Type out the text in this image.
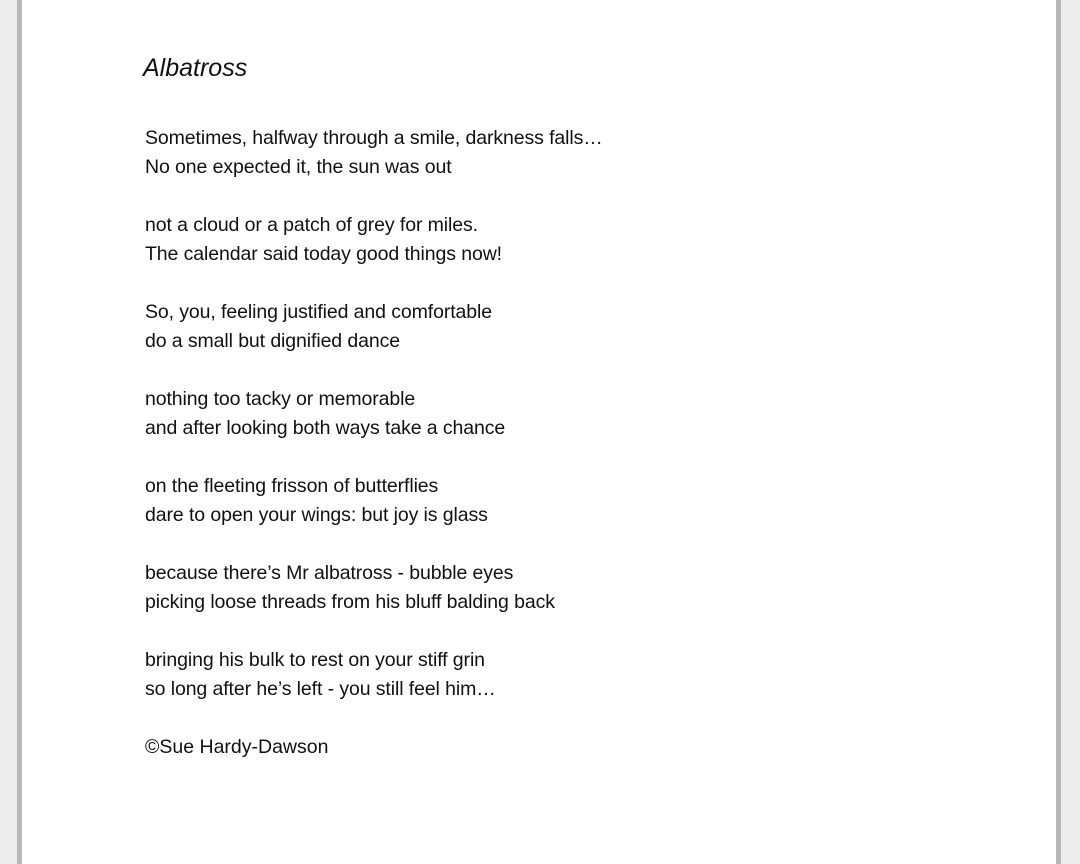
Albatross
Sometimes, halfway through a smile, darkness falls…
No one expected it, the sun was out
not a cloud or a patch of grey for miles.
The calendar said today good things now!
So, you, feeling justified and comfortable
do a small but dignified dance
nothing too tacky or memorable
and after looking both ways take a chance
on the fleeting frisson of butterflies
dare to open your wings: but joy is glass
because there’s Mr albatross - bubble eyes
picking loose threads from his bluff balding back
bringing his bulk to rest on your stiff grin
so long after he’s left - you still feel him…
©Sue Hardy-Dawson
